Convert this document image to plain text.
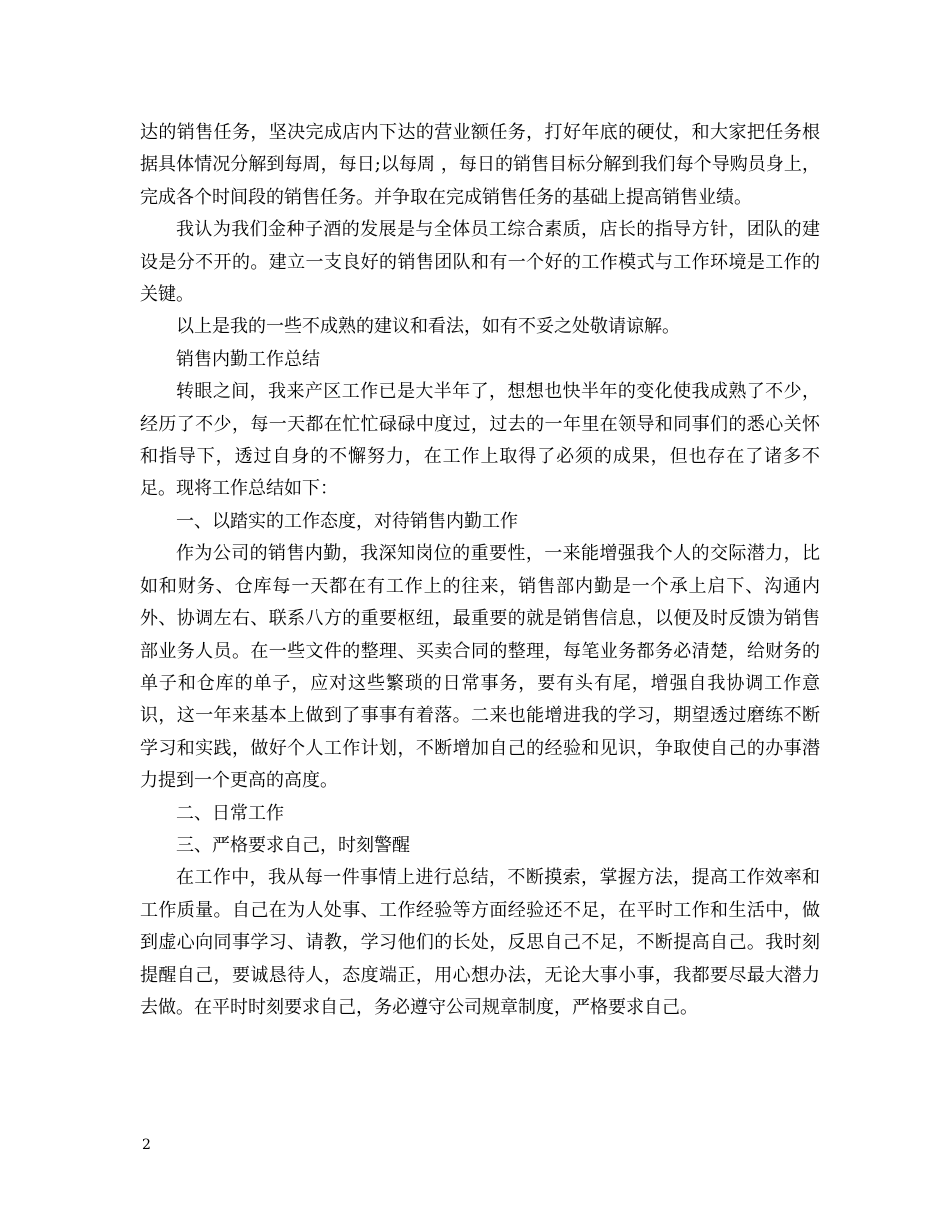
达的销售任务，坚决完成店内下达的营业额任务，打好年底的硬仗，和大家把任务根据具体情况分解到每周，每日;以每周 ，每日的销售目标分解到我们每个导购员身上，完成各个时间段的销售任务。并争取在完成销售任务的基础上提高销售业绩。

我认为我们金种子酒的发展是与全体员工综合素质，店长的指导方针，团队的建设是分不开的。建立一支良好的销售团队和有一个好的工作模式与工作环境是工作的关键。

以上是我的一些不成熟的建议和看法，如有不妥之处敬请谅解。

销售内勤工作总结

转眼之间，我来产区工作已是大半年了，想想也快半年的变化使我成熟了不少，经历了不少，每一天都在忙忙碌碌中度过，过去的一年里在领导和同事们的悉心关怀和指导下，透过自身的不懈努力，在工作上取得了必须的成果，但也存在了诸多不足。现将工作总结如下：

一、以踏实的工作态度，对待销售内勤工作

作为公司的销售内勤，我深知岗位的重要性，一来能增强我个人的交际潜力，比如和财务、仓库每一天都在有工作上的往来，销售部内勤是一个承上启下、沟通内外、协调左右、联系八方的重要枢纽，最重要的就是销售信息，以便及时反馈为销售部业务人员。在一些文件的整理、买卖合同的整理，每笔业务都务必清楚，给财务的单子和仓库的单子，应对这些繁琐的日常事务，要有头有尾，增强自我协调工作意识，这一年来基本上做到了事事有着落。二来也能增进我的学习，期望透过磨练不断学习和实践，做好个人工作计划，不断增加自己的经验和见识，争取使自己的办事潜力提到一个更高的高度。

二、日常工作

三、严格要求自己，时刻警醒

在工作中，我从每一件事情上进行总结，不断摸索，掌握方法，提高工作效率和工作质量。自己在为人处事、工作经验等方面经验还不足，在平时工作和生活中，做到虚心向同事学习、请教，学习他们的长处，反思自己不足，不断提高自己。我时刻提醒自己，要诚恳待人，态度端正，用心想办法，无论大事小事，我都要尽最大潜力去做。在平时时刻要求自己，务必遵守公司规章制度，严格要求自己。

2
